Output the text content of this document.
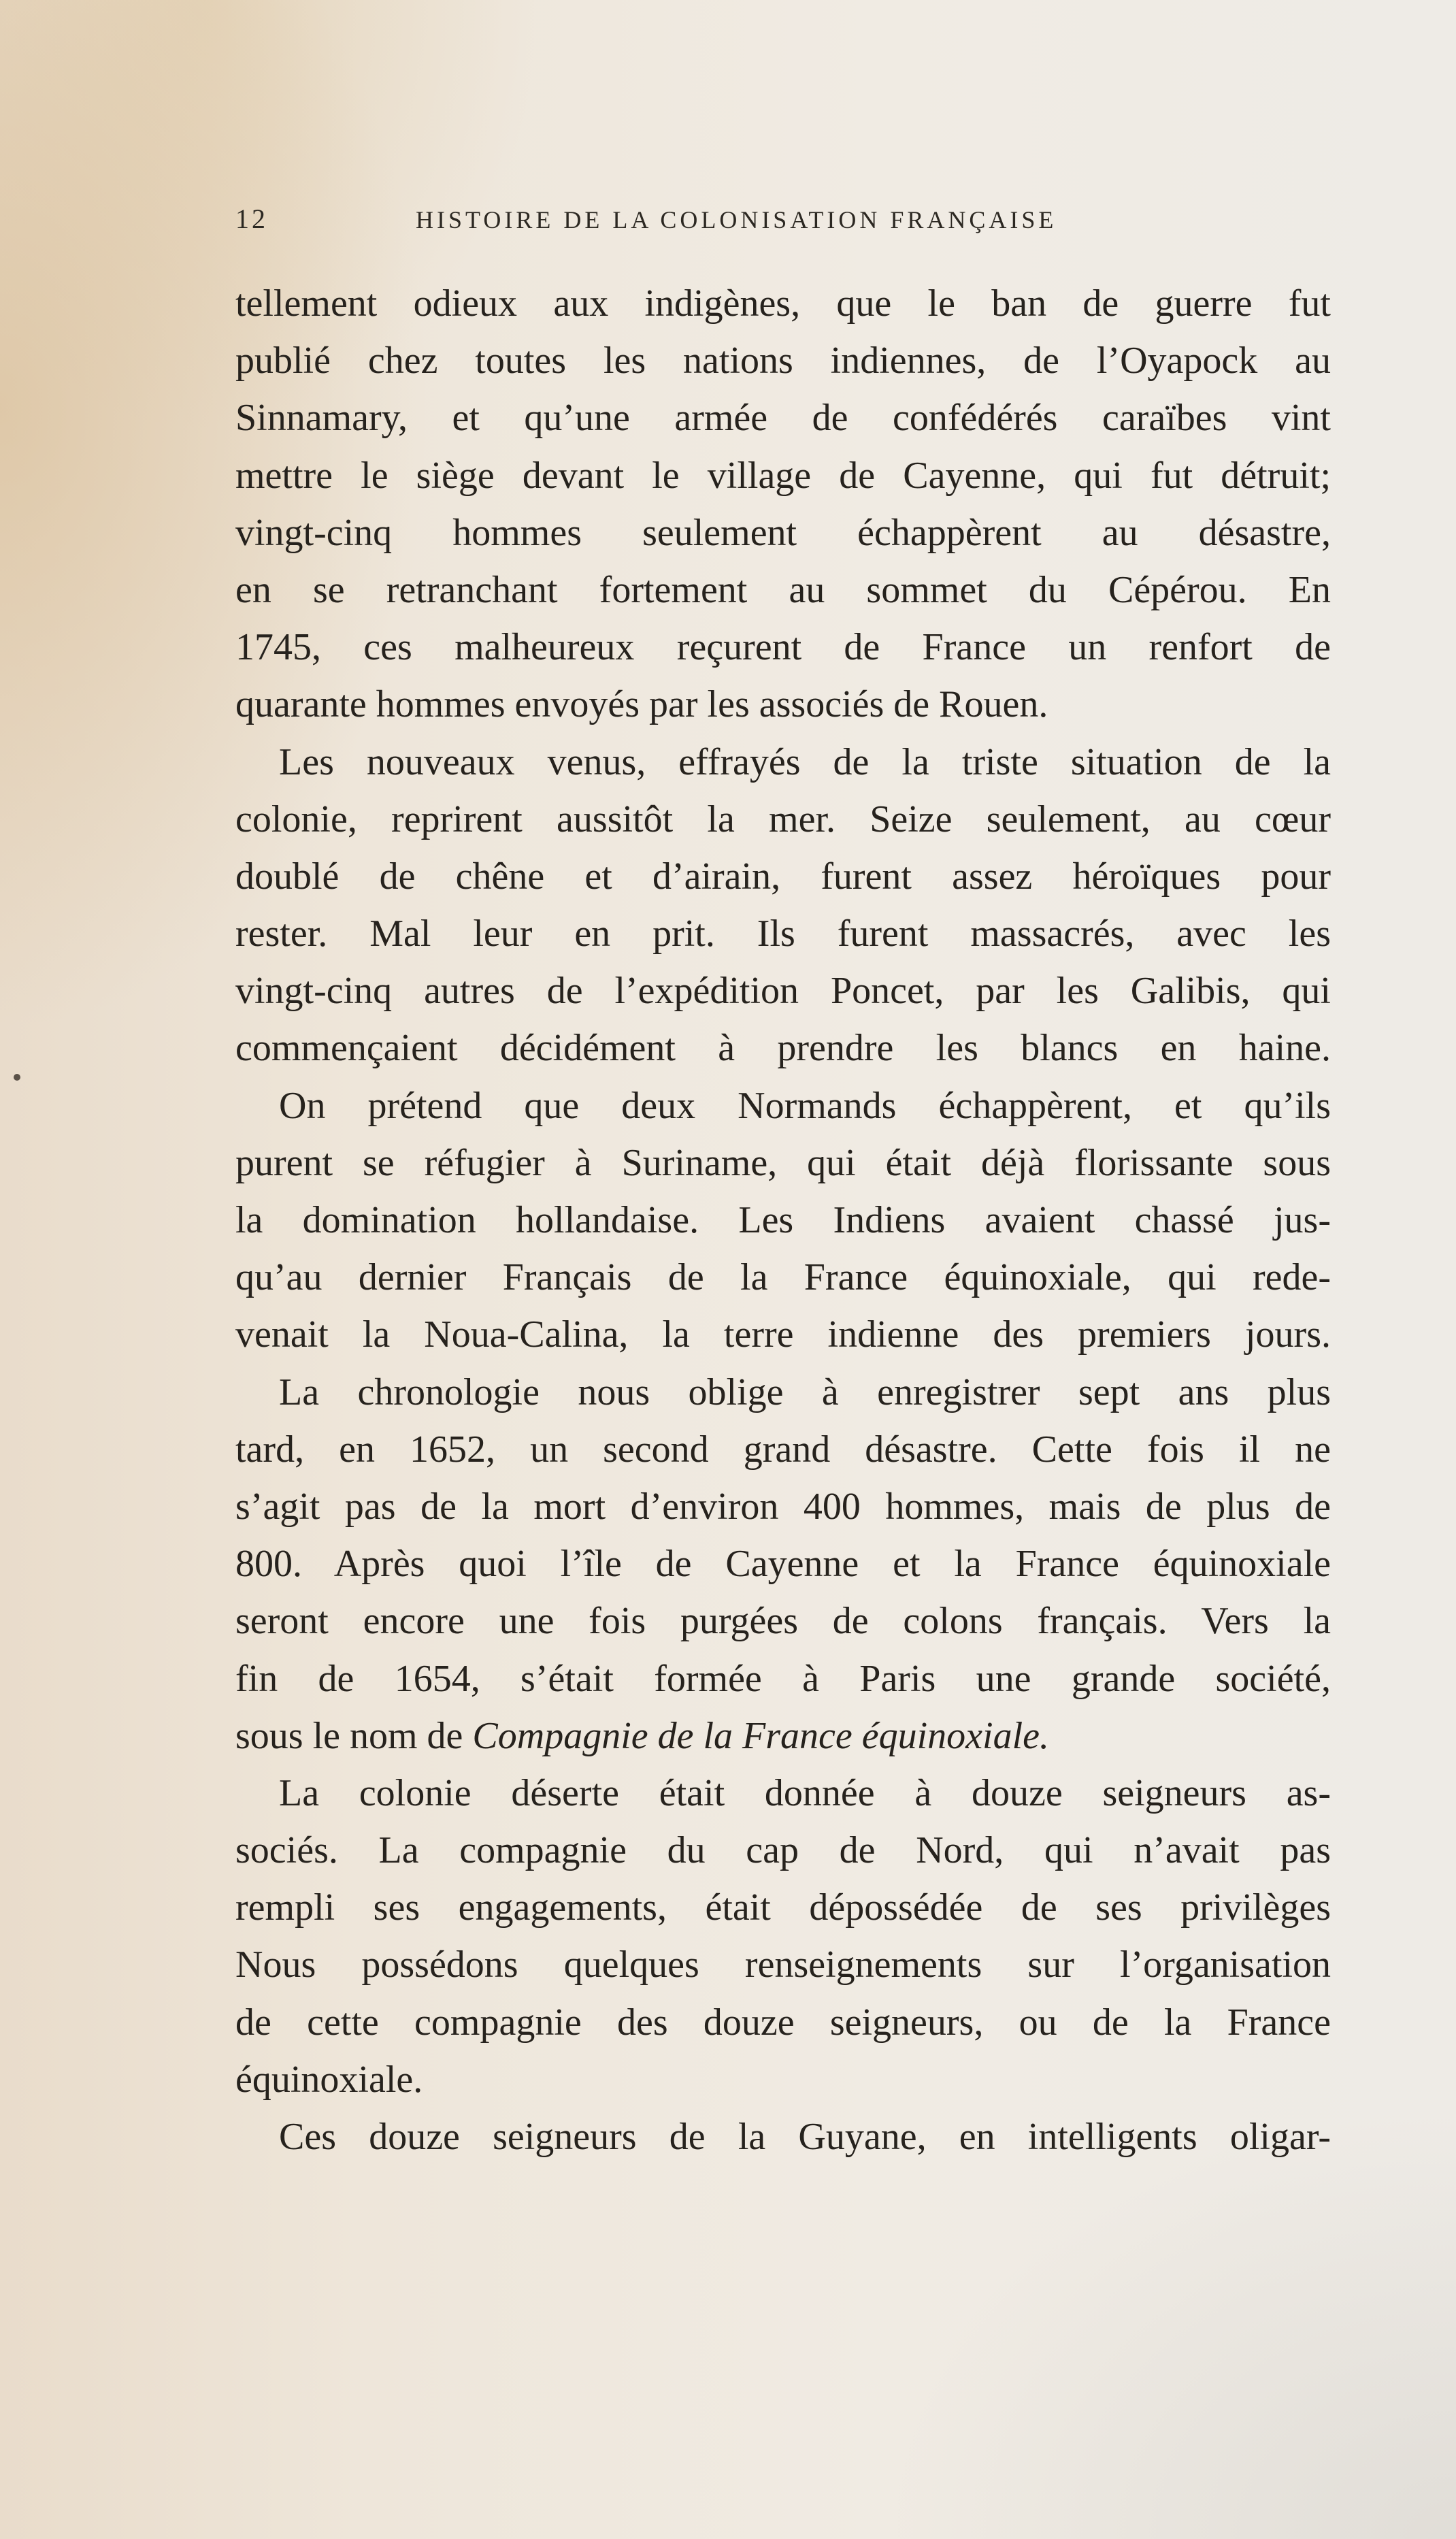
12	HISTOIRE DE LA COLONISATION FRANÇAISE
tellement odieux aux indigènes, que le ban de guerre fut
publié chez toutes les nations indiennes, de l’Oyapock au
Sinnamary, et qu’une armée de confédérés caraïbes vint
mettre le siège devant le village de Cayenne, qui fut détruit;
vingt-cinq hommes seulement échappèrent au désastre,
en se retranchant fortement au sommet du Cépérou. En
1745, ces malheureux reçurent de France un renfort de
quarante hommes envoyés par les associés de Rouen.
Les nouveaux venus, effrayés de la triste situation de la
colonie, reprirent aussitôt la mer. Seize seulement, au cœur
doublé de chêne et d’airain, furent assez héroïques pour
rester. Mal leur en prit. Ils furent massacrés, avec les
vingt-cinq autres de l’expédition Poncet, par les Galibis, qui
commençaient décidément à prendre les blancs en haine.
On prétend que deux Normands échappèrent, et qu’ils
purent se réfugier à Suriname, qui était déjà florissante sous
la domination hollandaise. Les Indiens avaient chassé jus-
qu’au dernier Français de la France équinoxiale, qui rede-
venait la Noua-Calina, la terre indienne des premiers jours.
La chronologie nous oblige à enregistrer sept ans plus
tard, en 1652, un second grand désastre. Cette fois il ne
s’agit pas de la mort d’environ 400 hommes, mais de plus de
800. Après quoi l’île de Cayenne et la France équinoxiale
seront encore une fois purgées de colons français. Vers la
fin de 1654, s’était formée à Paris une grande société,
sous le nom de Compagnie de la France équinoxiale.
La colonie déserte était donnée à douze seigneurs as-
sociés. La compagnie du cap de Nord, qui n’avait pas
rempli ses engagements, était dépossédée de ses privilèges
Nous possédons quelques renseignements sur l’organisation
de cette compagnie des douze seigneurs, ou de la France
équinoxiale.
Ces douze seigneurs de la Guyane, en intelligents oligar-
